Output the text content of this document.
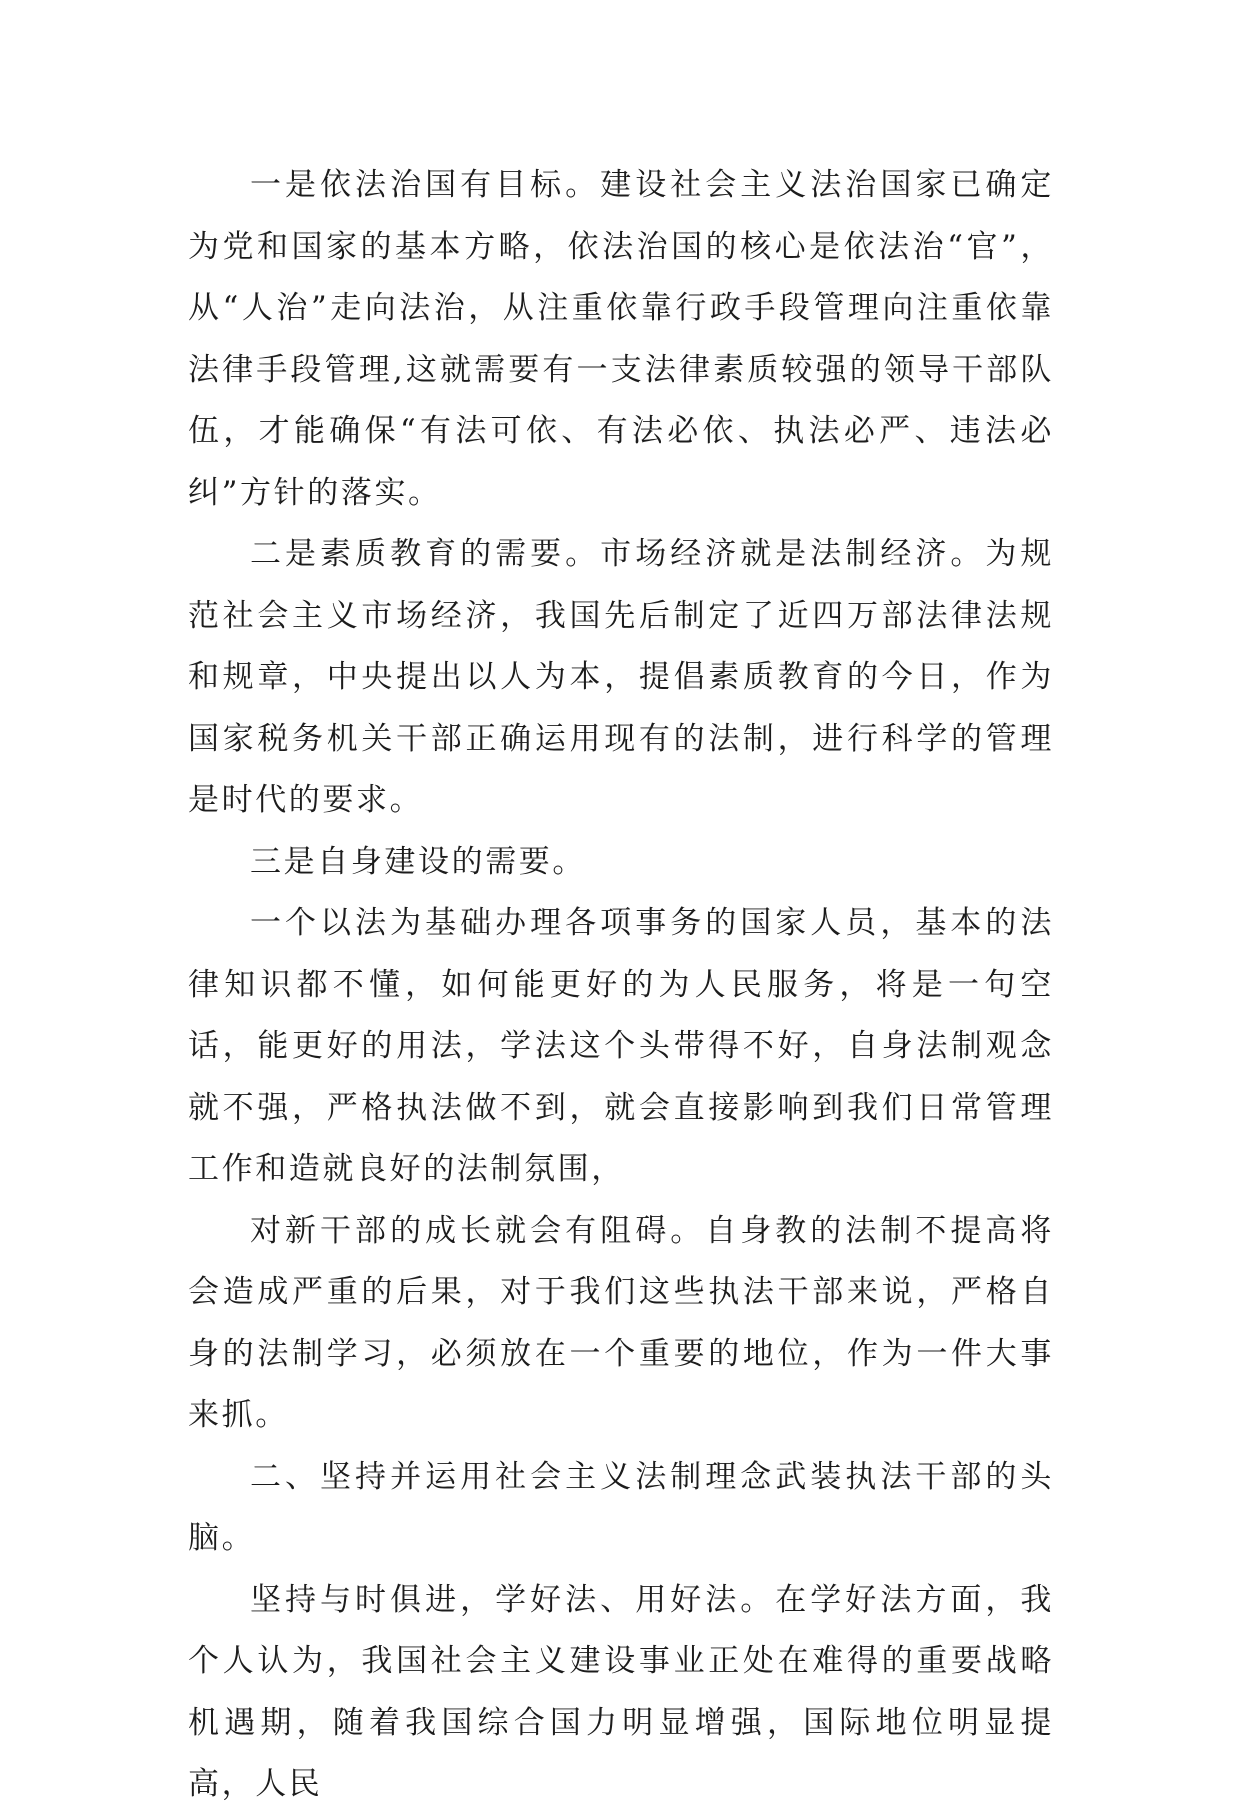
一是依法治国有目标。建设社会主义法治国家已确定为党和国家的基本方略，依法治国的核心是依法治“官”，从“人治”走向法治，从注重依靠行政手段管理向注重依靠法律手段管理,这就需要有一支法律素质较强的领导干部队伍，才能确保“有法可依、有法必依、执法必严、违法必纠”方针的落实。

二是素质教育的需要。市场经济就是法制经济。为规范社会主义市场经济，我国先后制定了近四万部法律法规和规章，中央提出以人为本，提倡素质教育的今日，作为国家税务机关干部正确运用现有的法制，进行科学的管理是时代的要求。

三是自身建设的需要。

一个以法为基础办理各项事务的国家人员，基本的法律知识都不懂，如何能更好的为人民服务，将是一句空话，能更好的用法，学法这个头带得不好，自身法制观念就不强，严格执法做不到，就会直接影响到我们日常管理工作和造就良好的法制氛围，

对新干部的成长就会有阻碍。自身教的法制不提高将会造成严重的后果，对于我们这些执法干部来说，严格自身的法制学习，必须放在一个重要的地位，作为一件大事来抓。

二、坚持并运用社会主义法制理念武装执法干部的头脑。

坚持与时俱进，学好法、用好法。在学好法方面，我个人认为，我国社会主义建设事业正处在难得的重要战略机遇期，随着我国综合国力明显增强，国际地位明显提高，人民
